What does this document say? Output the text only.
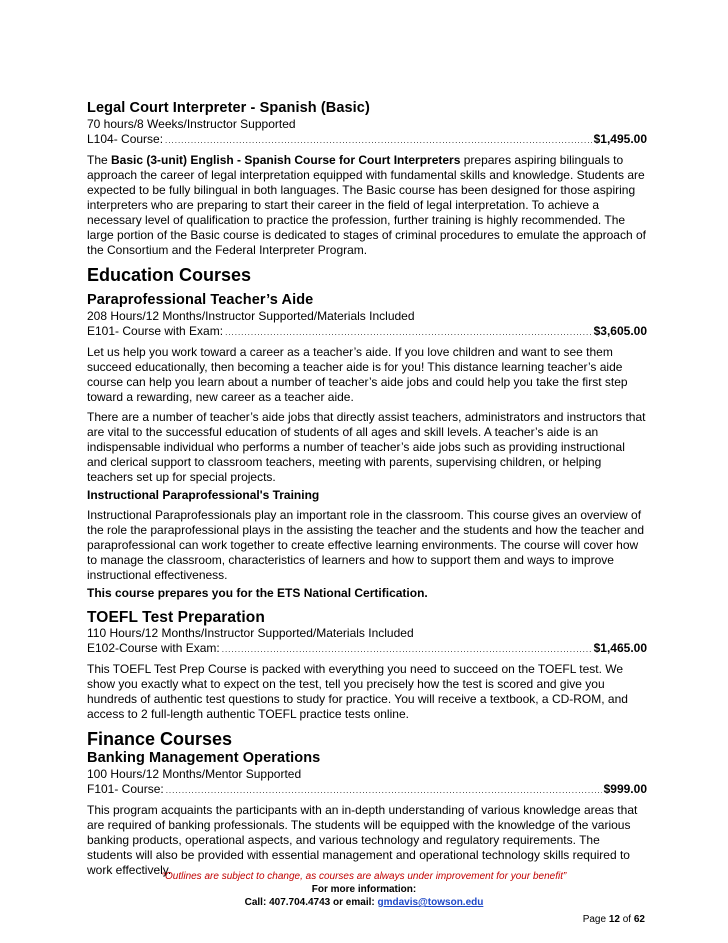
Legal Court Interpreter - Spanish (Basic)
70 hours/8 Weeks/Instructor Supported
L104- Course: .....	$1,495.00

The Basic (3-unit) English - Spanish Course for Court Interpreters prepares aspiring bilinguals to approach the career of legal interpretation equipped with fundamental skills and knowledge. Students are expected to be fully bilingual in both languages. The Basic course has been designed for those aspiring interpreters who are preparing to start their career in the field of legal interpretation. To achieve a necessary level of qualification to practice the profession, further training is highly recommended. The large portion of the Basic course is dedicated to stages of criminal procedures to emulate the approach of the Consortium and the Federal Interpreter Program.

Education Courses
Paraprofessional Teacher’s Aide
208 Hours/12 Months/Instructor Supported/Materials Included
E101- Course with Exam: .....	$3,605.00

Let us help you work toward a career as a teacher’s aide. If you love children and want to see them succeed educationally, then becoming a teacher aide is for you! This distance learning teacher’s aide course can help you learn about a number of teacher’s aide jobs and could help you take the first step toward a rewarding, new career as a teacher aide.

There are a number of teacher’s aide jobs that directly assist teachers, administrators and instructors that are vital to the successful education of students of all ages and skill levels. A teacher’s aide is an indispensable individual who performs a number of teacher’s aide jobs such as providing instructional and clerical support to classroom teachers, meeting with parents, supervising children, or helping teachers set up for special projects.

Instructional Paraprofessional's Training

Instructional Paraprofessionals play an important role in the classroom. This course gives an overview of the role the paraprofessional plays in the assisting the teacher and the students and how the teacher and paraprofessional can work together to create effective learning environments. The course will cover how to manage the classroom, characteristics of learners and how to support them and ways to improve instructional effectiveness.

This course prepares you for the ETS National Certification.
TOEFL Test Preparation
110 Hours/12 Months/Instructor Supported/Materials Included
E102-Course with Exam: .....	$1,465.00

This TOEFL Test Prep Course is packed with everything you need to succeed on the TOEFL test. We show you exactly what to expect on the test, tell you precisely how the test is scored and give you hundreds of authentic test questions to study for practice. You will receive a textbook, a CD-ROM, and access to 2 full-length authentic TOEFL practice tests online.

Finance Courses
Banking Management Operations
100 Hours/12 Months/Mentor Supported
F101- Course: .....	$999.00

This program acquaints the participants with an in-depth understanding of various knowledge areas that are required of banking professionals. The students will be equipped with the knowledge of the various banking products, operational aspects, and various technology and regulatory requirements. The students will also be provided with essential management and operational technology skills required to work effectively.

“Outlines are subject to change, as courses are always under improvement for your benefit”
For more information:
Call: 407.704.4743 or email: gmdavis@towson.edu
Page 12 of 62
